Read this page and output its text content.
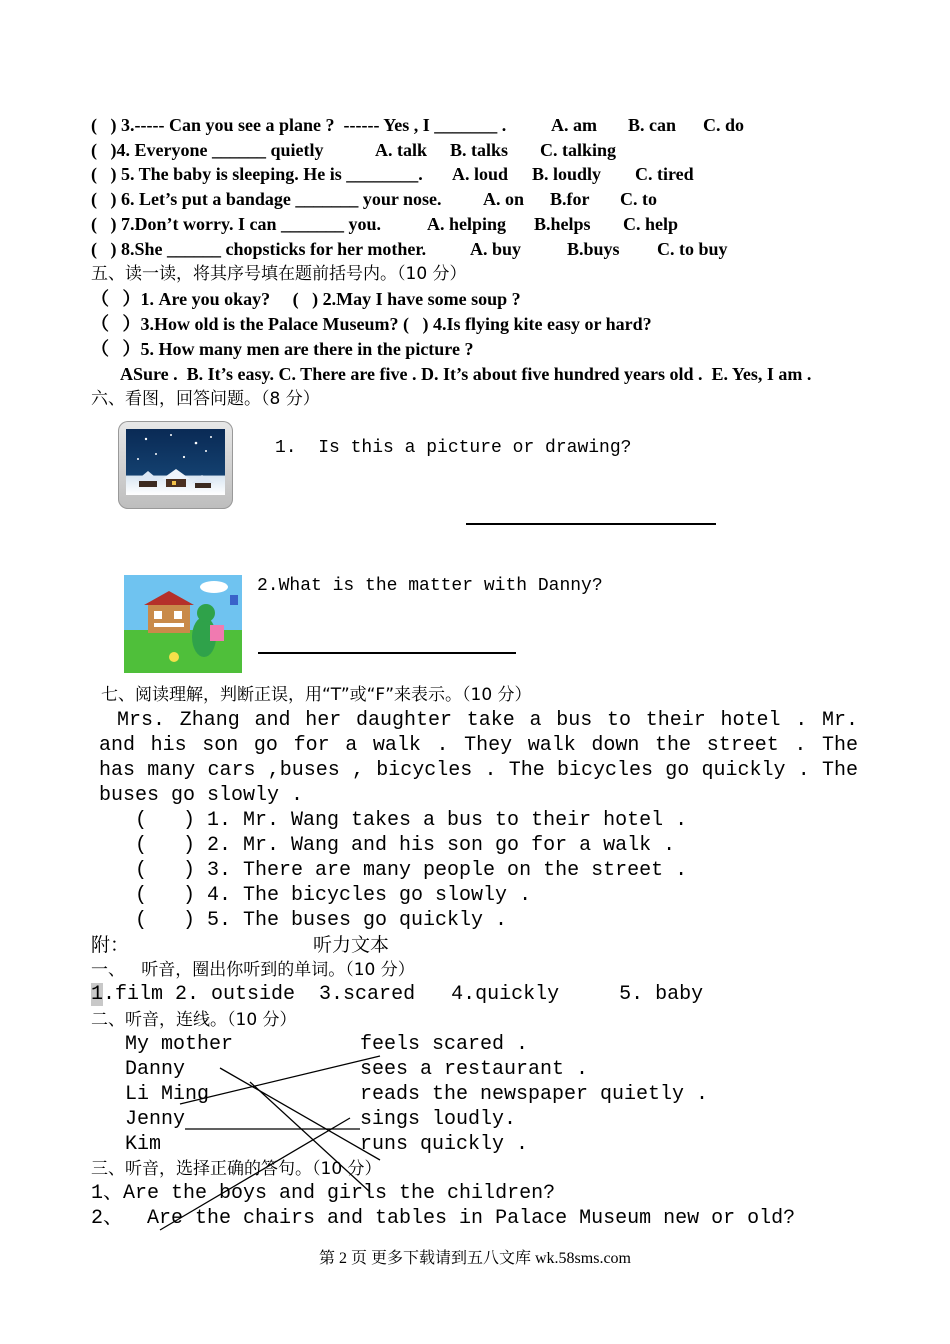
(   ) 3.----- Can you see a plane ?  ------ Yes , I _______ . A. am B. can C. do
(   )4. Everyone ______ quietly	A. talk B. talks C. talking
(   ) 5. The baby is sleeping. He is ________. A. loud B. loudly C. tired
(   ) 6. Let’s put a bandage _______ your nose. A. on B.for C. to
(   ) 7.Don’t worry. I can _______ you.	A. helping B.helps C. help
(   ) 8.She ______ chopsticks for her mother. A. buy	B.buys C. to buy
五、读一读，将其序号填在题前括号内。（10 分）
（   ）1. Are you okay?     (   ) 2.May I have some soup ?
（   ）3.How old is the Palace Museum? (   ) 4.Is flying kite easy or hard?
（   ）5. How many men are there in the picture ?
ASure .  B. It’s easy. C. There are five . D. It’s about five hundred years old .  E. Yes, I am .
六、看图，回答问题。（8 分）
1.  Is this a picture or drawing?
2.What is the matter with Danny?
七、阅读理解，判断正误，用“T”或“F”来表示。（10 分）
Mrs. Zhang and her daughter take a bus to their hotel . Mr.
and his son go for a walk . They walk down the street . The
has many cars ,buses , bicycles . The bicycles go quickly . The
buses go slowly .
(   ) 1. Mr. Wang takes a bus to their hotel .
(   ) 2. Mr. Wang and his son go for a walk .
(   ) 3. There are many people on the street .
(   ) 4. The bicycles go slowly .
(   ) 5. The buses go quickly .
附：	听力文本
一、   听音，圈出你听到的单词。（10 分）
1.film 2. outside  3.scared   4.quickly     5. baby
二、听音，连线。（10 分）
My mother
Danny
Li Ming
Jenny
Kim
feels scared .
sees a restaurant .
reads the newspaper quietly .
sings loudly.
runs quickly .
三、听音，选择正确的答句。（10 分）
1、Are the boys and girls the children?
2、  Are the chairs and tables in Palace Museum new or old?
第 2 页 更多下载请到五八文库 wk.58sms.com
